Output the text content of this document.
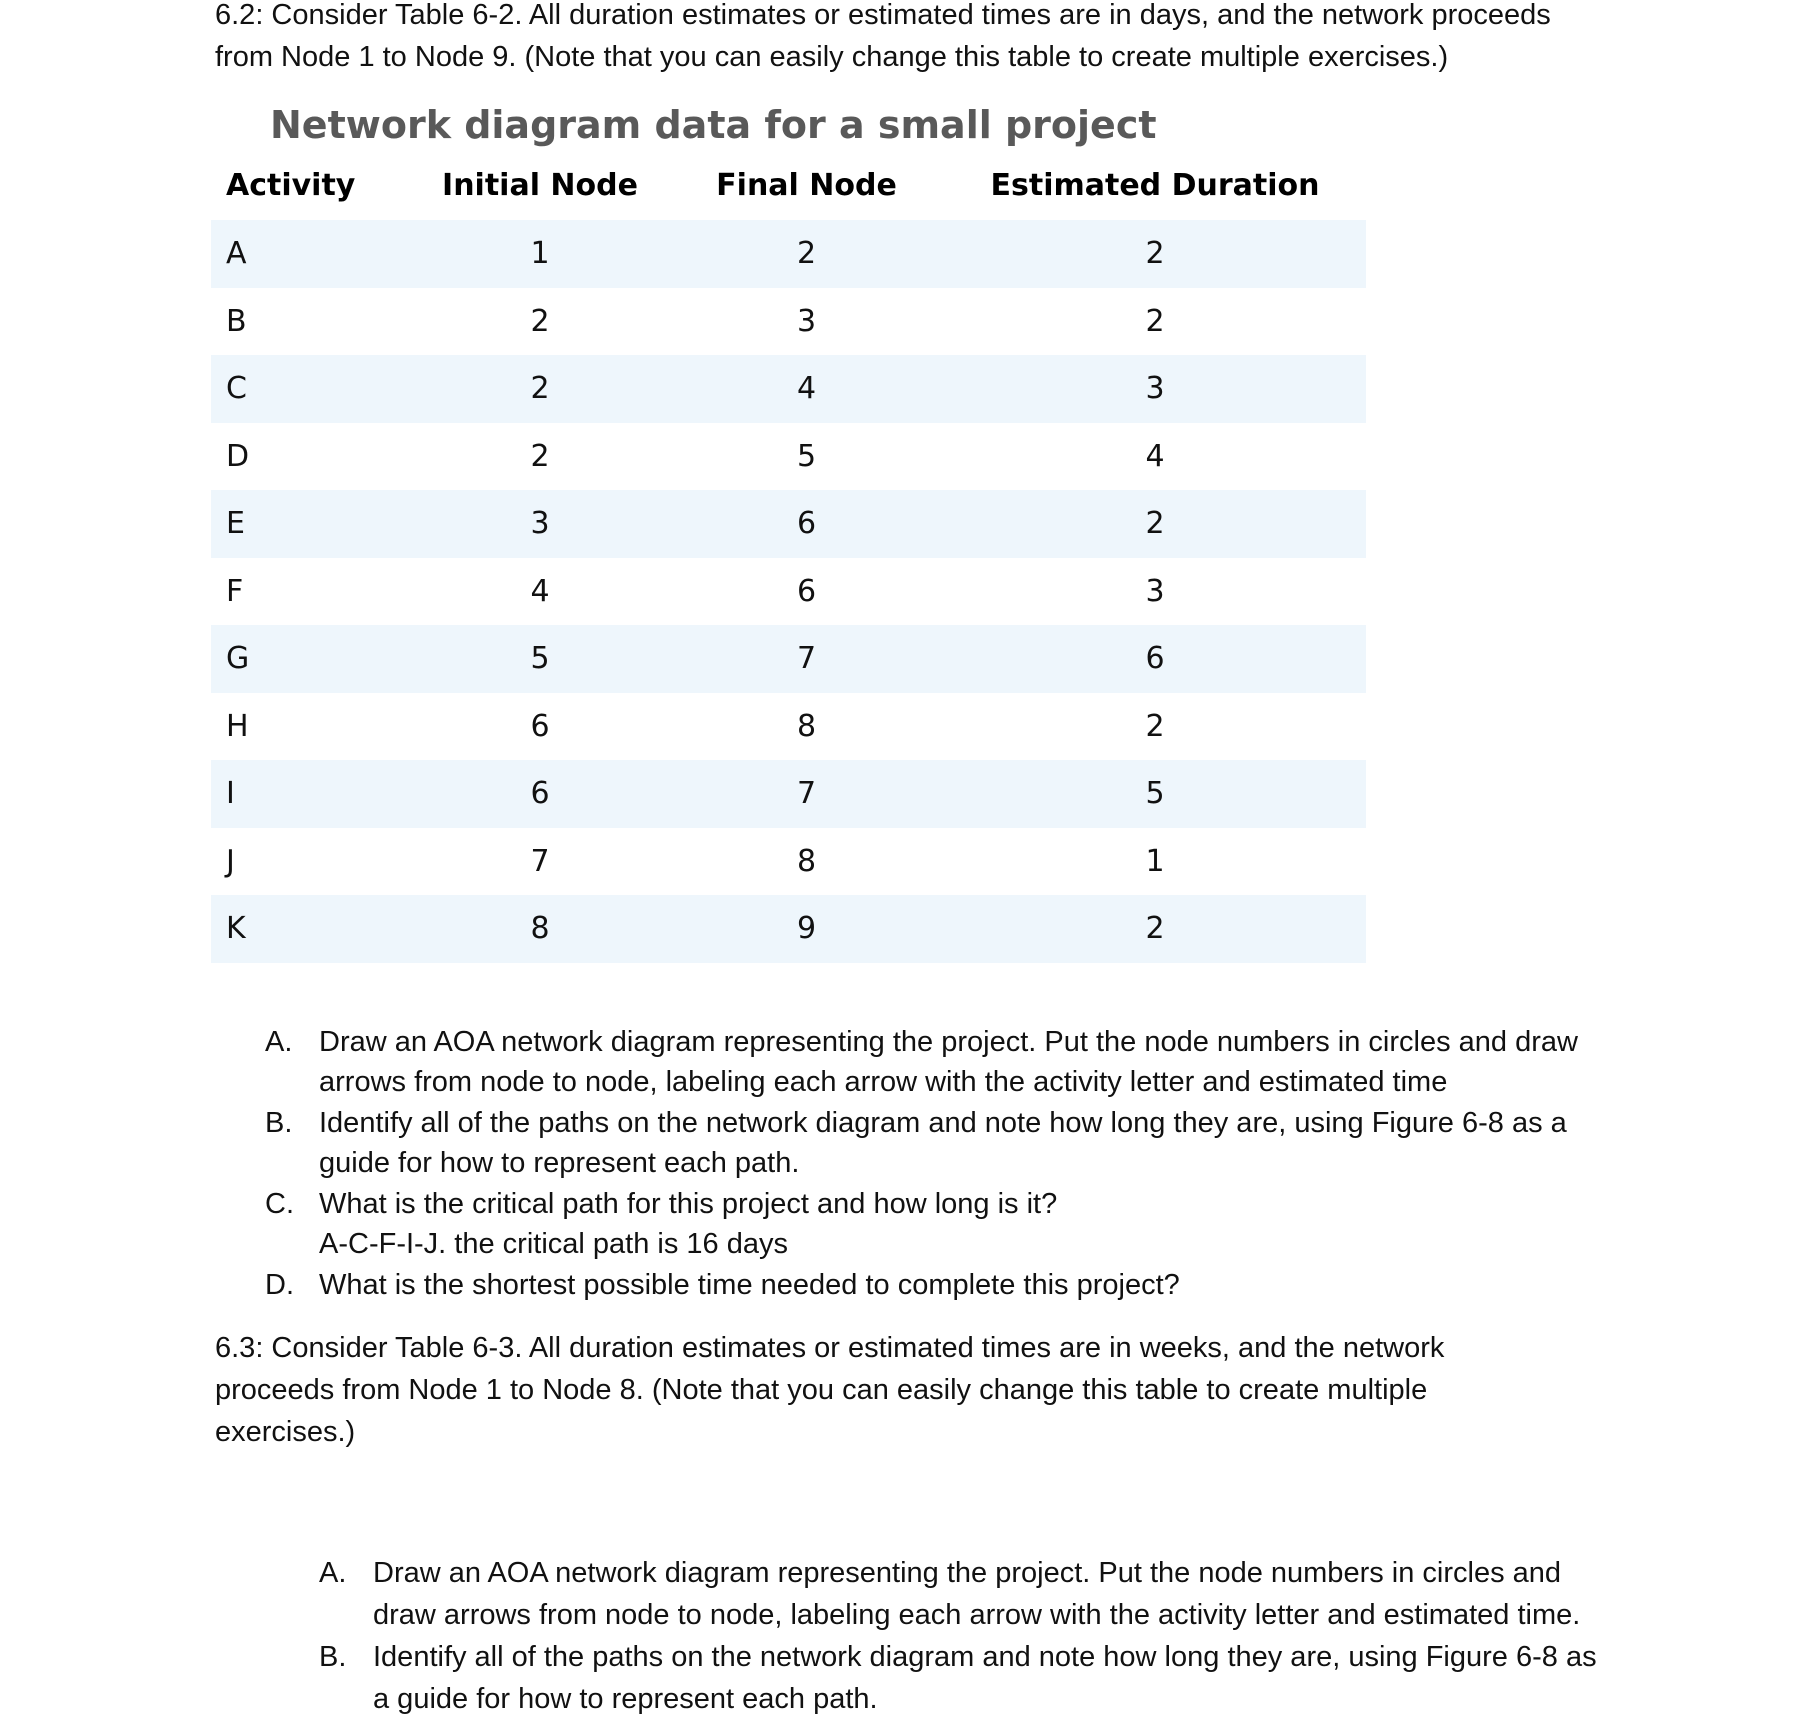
6.2: Consider Table 6-2. All duration estimates or estimated times are in days, and the network proceeds from Node 1 to Node 9. (Note that you can easily change this table to create multiple exercises.)

Network diagram data for a small project
Activity	Initial Node	Final Node	Estimated Duration
A	1	2	2
B	2	3	2
C	2	4	3
D	2	5	4
E	3	6	2
F	4	6	3
G	5	7	6
H	6	8	2
I	6	7	5
J	7	8	1
K	8	9	2
A. Draw an AOA network diagram representing the project. Put the node numbers in circles and draw arrows from node to node, labeling each arrow with the activity letter and estimated time
B. Identify all of the paths on the network diagram and note how long they are, using Figure 6-8 as a guide for how to represent each path.
C. What is the critical path for this project and how long is it?
A-C-F-I-J. the critical path is 16 days
D. What is the shortest possible time needed to complete this project?

6.3: Consider Table 6-3. All duration estimates or estimated times are in weeks, and the network proceeds from Node 1 to Node 8. (Note that you can easily change this table to create multiple exercises.)

A. Draw an AOA network diagram representing the project. Put the node numbers in circles and draw arrows from node to node, labeling each arrow with the activity letter and estimated time.
B. Identify all of the paths on the network diagram and note how long they are, using Figure 6-8 as a guide for how to represent each path.
